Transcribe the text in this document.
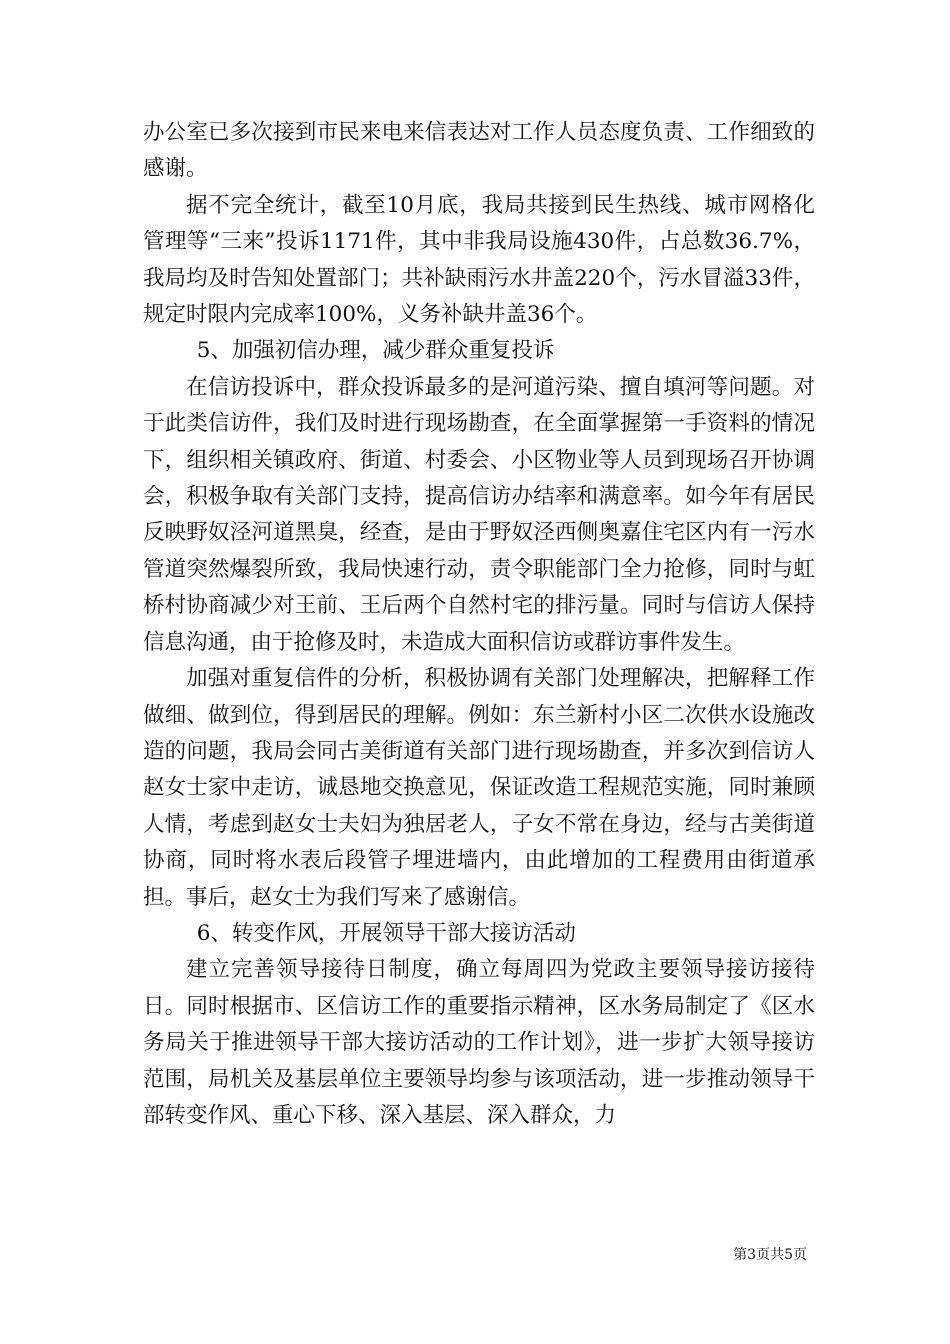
办公室已多次接到市民来电来信表达对工作人员态度负责、工作细致的感谢。

据不完全统计，截至10月底，我局共接到民生热线、城市网格化管理等“三来”投诉1171件，其中非我局设施430件，占总数36.7%，我局均及时告知处置部门；共补缺雨污水井盖220个，污水冒溢33件，规定时限内完成率100%，义务补缺井盖36个。

5、加强初信办理，减少群众重复投诉

在信访投诉中，群众投诉最多的是河道污染、擅自填河等问题。对于此类信访件，我们及时进行现场勘查，在全面掌握第一手资料的情况下，组织相关镇政府、街道、村委会、小区物业等人员到现场召开协调会，积极争取有关部门支持，提高信访办结率和满意率。如今年有居民反映野奴泾河道黑臭，经查，是由于野奴泾西侧奥嘉住宅区内有一污水管道突然爆裂所致，我局快速行动，责令职能部门全力抢修，同时与虹桥村协商减少对王前、王后两个自然村宅的排污量。同时与信访人保持信息沟通，由于抢修及时，未造成大面积信访或群访事件发生。

加强对重复信件的分析，积极协调有关部门处理解决，把解释工作做细、做到位，得到居民的理解。例如：东兰新村小区二次供水设施改造的问题，我局会同古美街道有关部门进行现场勘查，并多次到信访人赵女士家中走访，诚恳地交换意见，保证改造工程规范实施，同时兼顾人情，考虑到赵女士夫妇为独居老人，子女不常在身边，经与古美街道协商，同时将水表后段管子埋进墙内，由此增加的工程费用由街道承担。事后，赵女士为我们写来了感谢信。

6、转变作风，开展领导干部大接访活动

建立完善领导接待日制度，确立每周四为党政主要领导接访接待日。同时根据市、区信访工作的重要指示精神，区水务局制定了《区水务局关于推进领导干部大接访活动的工作计划》，进一步扩大领导接访范围，局机关及基层单位主要领导均参与该项活动，进一步推动领导干部转变作风、重心下移、深入基层、深入群众，力

第3页共5页
